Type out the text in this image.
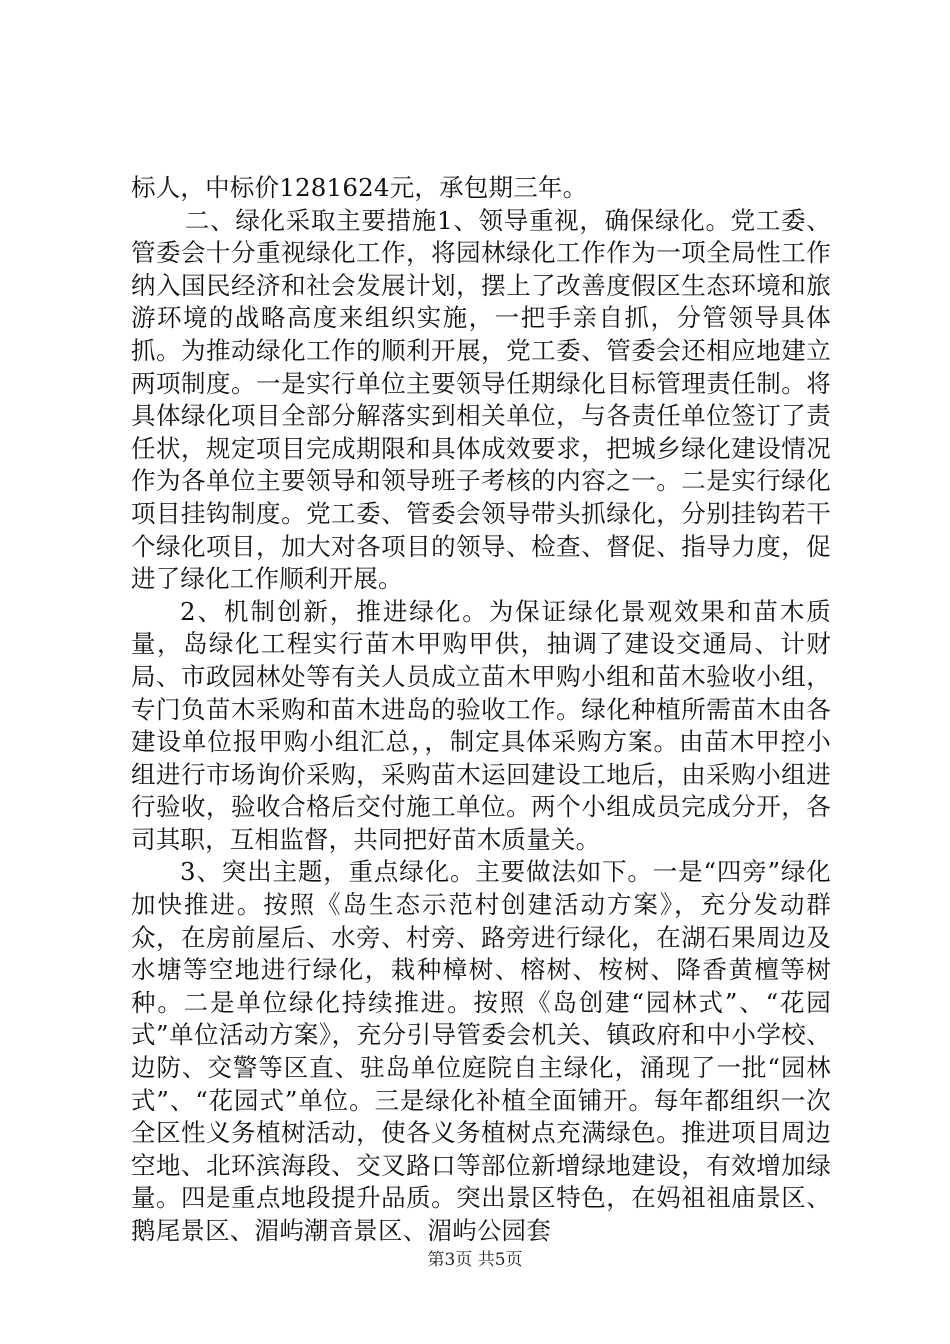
标人，中标价1281624元，承包期三年。

二、绿化采取主要措施1、领导重视，确保绿化。党工委、管委会十分重视绿化工作，将园林绿化工作作为一项全局性工作纳入国民经济和社会发展计划，摆上了改善度假区生态环境和旅游环境的战略高度来组织实施，一把手亲自抓，分管领导具体抓。为推动绿化工作的顺利开展，党工委、管委会还相应地建立两项制度。一是实行单位主要领导任期绿化目标管理责任制。将具体绿化项目全部分解落实到相关单位，与各责任单位签订了责任状，规定项目完成期限和具体成效要求，把城乡绿化建设情况作为各单位主要领导和领导班子考核的内容之一。二是实行绿化项目挂钩制度。党工委、管委会领导带头抓绿化，分别挂钩若干个绿化项目，加大对各项目的领导、检查、督促、指导力度，促进了绿化工作顺利开展。

2、机制创新，推进绿化。为保证绿化景观效果和苗木质量，岛绿化工程实行苗木甲购甲供，抽调了建设交通局、计财局、市政园林处等有关人员成立苗木甲购小组和苗木验收小组，专门负苗木采购和苗木进岛的验收工作。绿化种植所需苗木由各建设单位报甲购小组汇总，，制定具体采购方案。由苗木甲控小组进行市场询价采购，采购苗木运回建设工地后，由采购小组进行验收，验收合格后交付施工单位。两个小组成员完成分开，各司其职，互相监督，共同把好苗木质量关。

3、突出主题，重点绿化。主要做法如下。一是“四旁”绿化加快推进。按照《岛生态示范村创建活动方案》，充分发动群众，在房前屋后、水旁、村旁、路旁进行绿化，在湖石果周边及水塘等空地进行绿化，栽种樟树、榕树、桉树、降香黄檀等树种。二是单位绿化持续推进。按照《岛创建“园林式”、“花园式”单位活动方案》，充分引导管委会机关、镇政府和中小学校、边防、交警等区直、驻岛单位庭院自主绿化，涌现了一批“园林式”、“花园式”单位。三是绿化补植全面铺开。每年都组织一次全区性义务植树活动，使各义务植树点充满绿色。推进项目周边空地、北环滨海段、交叉路口等部位新增绿地建设，有效增加绿量。四是重点地段提升品质。突出景区特色，在妈祖祖庙景区、鹅尾景区、湄屿潮音景区、湄屿公园套

第3页 共5页
